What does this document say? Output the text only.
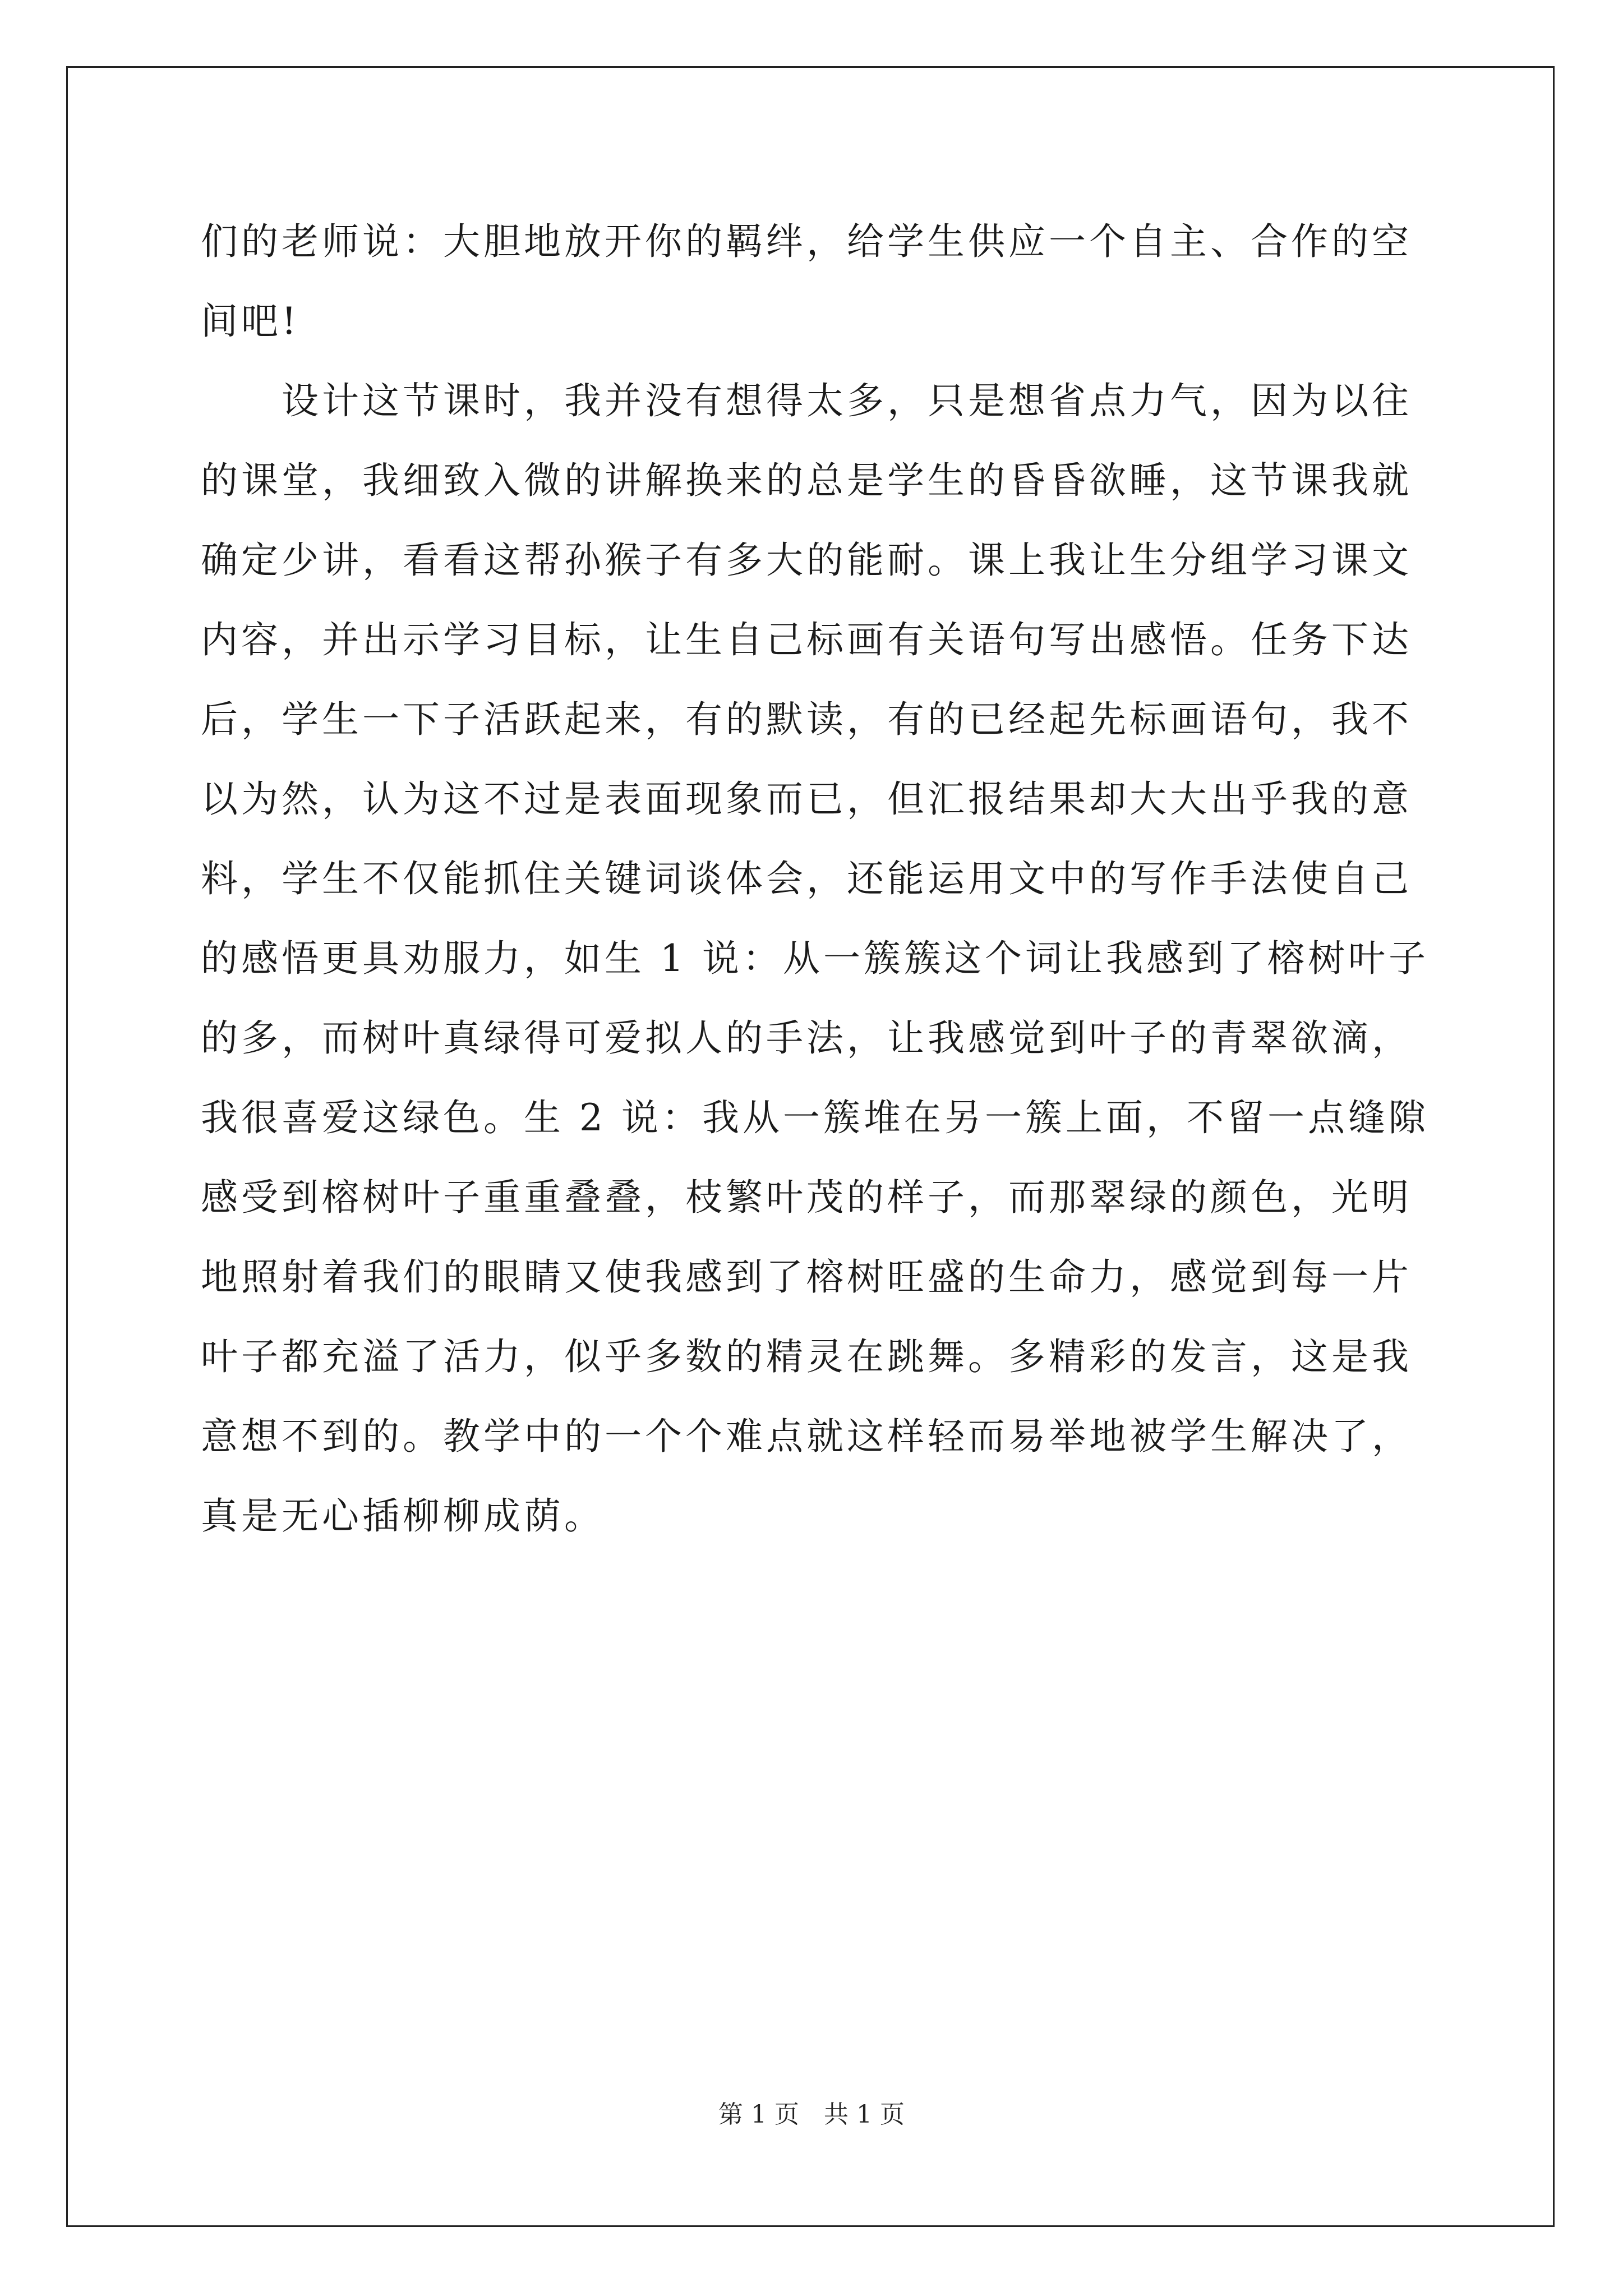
们的老师说：大胆地放开你的羁绊，给学生供应一个自主、合作的空
间吧!
　　设计这节课时，我并没有想得太多，只是想省点力气，因为以往
的课堂，我细致入微的讲解换来的总是学生的昏昏欲睡，这节课我就
确定少讲，看看这帮孙猴子有多大的能耐。课上我让生分组学习课文
内容，并出示学习目标，让生自己标画有关语句写出感悟。任务下达
后，学生一下子活跃起来，有的默读，有的已经起先标画语句，我不
以为然，认为这不过是表面现象而已，但汇报结果却大大出乎我的意
料，学生不仅能抓住关键词谈体会，还能运用文中的写作手法使自己
的感悟更具劝服力，如生 1 说：从一簇簇这个词让我感到了榕树叶子
的多，而树叶真绿得可爱拟人的手法，让我感觉到叶子的青翠欲滴，
我很喜爱这绿色。生 2 说：我从一簇堆在另一簇上面，不留一点缝隙
感受到榕树叶子重重叠叠，枝繁叶茂的样子，而那翠绿的颜色，光明
地照射着我们的眼睛又使我感到了榕树旺盛的生命力，感觉到每一片
叶子都充溢了活力，似乎多数的精灵在跳舞。多精彩的发言，这是我
意想不到的。教学中的一个个难点就这样轻而易举地被学生解决了，
真是无心插柳柳成荫。
第 1 页　共 1 页
